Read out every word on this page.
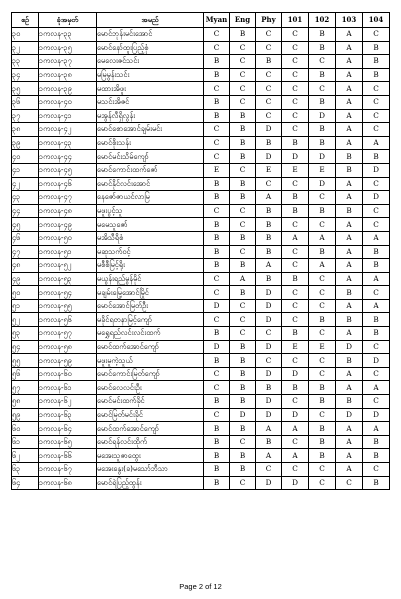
စဉ်	ခုံအမှတ်	အမည်	Myan	Eng	Phy	101	102	103	104
၃၀	၁ကလန-၃၃	မောင်ဘုန်းမင်းအောင်	C	B	C	C	B	A	C
၃၂	၁ကလန-၃၅	မောင်နော်ထူးပြည့်စုံ	C	C	C	C	B	A	B
၃၃	၁ကလန-၃၇	မေလေးဇင်သင်း	B	C	B	C	C	A	B
၃၄	၁ကလန-၃၈	မမြမွန်းသင်း	B	C	C	C	B	A	B
၃၅	၁ကလန-၃၉	မထားအိဖူး	C	C	C	C	C	A	C
၃၆	၁ကလန-၄၀	မသင်းအိဇင်	B	C	C	C	B	A	C
၃၇	၁ကလန-၄၁	မအွန်လီရှိလွန်း	B	B	C	C	D	A	C
၃၈	၁ကလန-၄၂	မောင်စောအောင်ချမ်းမင်း	C	B	D	C	B	A	C
၃၉	၁ကလန-၄၃	မောင်စိုးသန်း	C	B	B	B	B	A	A
၄၀	၁ကလန-၄၄	မောင်မင်းသိမ်ကျော်	C	B	D	D	D	B	B
၄၁	၁ကလန-၄၅	မောင်ကောင်းထက်ဇော်	E	C	E	E	E	B	D
၄၂	၁ကလန-၄၆	မောင်နိုင်လင်းအောင်	B	B	C	C	D	A	C
၄၃	၁ကလန-၄၇	နေဇော်ဇာယင်လာမြ	B	B	A	B	C	A	D
၄၄	၁ကလန-၄၈	မဖူးပွင့်သူ	C	C	B	B	B	B	C
၄၅	၁ကလန-၄၉	မမေသူဇော်	B	C	B	C	C	A	C
၄၆	၁ကလန-၅၀	မအိသီရိစံ	B	B	B	A	A	A	A
၄၇	၁ကလန-၅၁	မဆုသက်ဝင့်	B	C	B	C	B	A	B
၄၈	၁ကလန-၅၂	မစီစီမြင့်ရိုး	B	B	A	C	A	A	B
၄၉	၁ကလန-၅၃	မယွန်းရည်မွန်မိုင်	C	A	B	B	C	A	A
၅၀	၁ကလန-၅၄	မချမ်းမြေ့အောင်မြိုင်	C	B	D	C	C	B	C
၅၁	၁ကလန-၅၅	မောင်အောင်မြတ်ဦး	D	C	D	C	C	A	A
၅၂	၁ကလန-၅၆	မခိုင်ရတနာမြင့်ကျော်	C	C	D	C	B	B	B
၅၃	၁ကလန-၅၇	မရွှေရည်လင်းလင်းထက်	B	C	C	B	C	A	B
၅၄	၁ကလန-၅၈	မောင်ထက်အောင်ကျော်	D	B	D	E	E	D	C
၅၅	၁ကလန-၅၉	မဖူးမူကဲ့သူယ်	B	B	C	C	C	B	D
၅၆	၁ကလန-၆၀	မောင်ကောင်းမြတ်ကျော်	C	B	D	D	C	A	C
၅၇	၁ကလန-၆၁	မောင်လေလင်းဦး	C	B	B	B	B	A	A
၅၈	၁ကလန-၆၂	မောင်မင်းထက်ခိုင်	B	B	D	C	B	B	C
၅၉	၁ကလန-၆၃	မောင်မြတ်မင်းခိုင်	C	D	D	D	C	D	D
၆၀	၁ကလန-၆၄	မောင်ထက်အောင်ကျော်	B	B	A	A	B	A	A
၆၁	၁ကလန-၆၅	မောင်ရန်လင်းထိုက်	B	C	B	C	B	A	B
၆၂	၁ကလန-၆၆	မအေးသူဇာထွေး	B	B	A	A	B	A	B
၆၃	၁ကလန-၆၇	မအေးနွေး(ခ)မသော်ဘီသာ	B	B	C	C	C	A	C
၆၄	၁ကလန-၆၈	မောင်ရဲပြည့်ထွန်း	B	C	D	D	C	C	B
Page 2 of 12
